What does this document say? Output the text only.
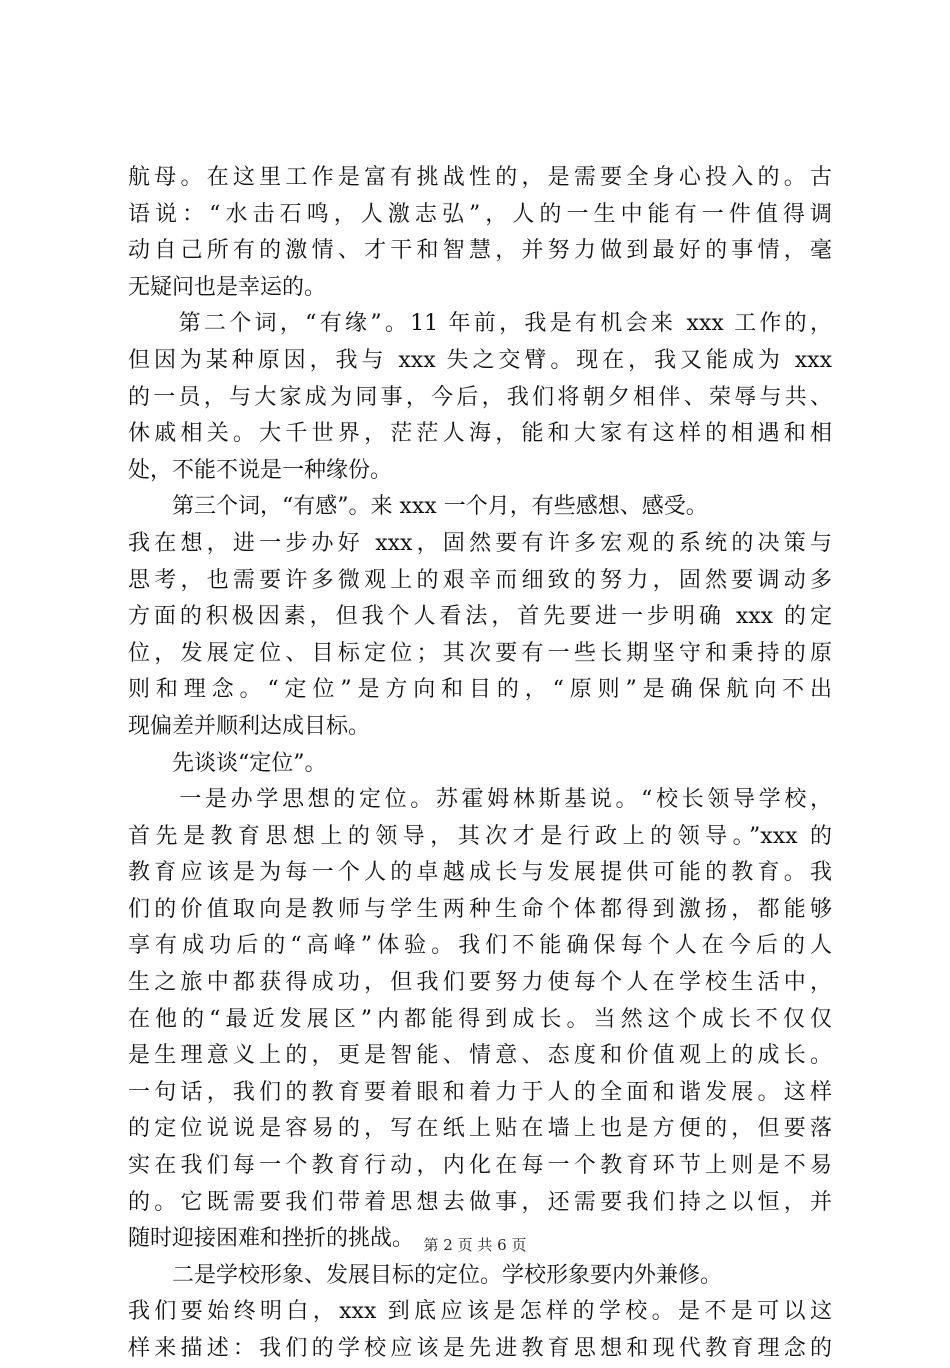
航母。在这里工作是富有挑战性的，是需要全身心投入的。古
语说：“水击石鸣，人激志弘”，人的一生中能有一件值得调
动自己所有的激情、才干和智慧，并努力做到最好的事情，毫
无疑问也是幸运的。
　　第二个词，“有缘”。11 年前，我是有机会来 xxx 工作的，
但因为某种原因，我与 xxx 失之交臂。现在，我又能成为 xxx
的一员，与大家成为同事，今后，我们将朝夕相伴、荣辱与共、
休戚相关。大千世界，茫茫人海，能和大家有这样的相遇和相
处，不能不说是一种缘份。
　　第三个词，“有感”。来 xxx 一个月，有些感想、感受。
我在想，进一步办好 xxx，固然要有许多宏观的系统的决策与
思考，也需要许多微观上的艰辛而细致的努力，固然要调动多
方面的积极因素，但我个人看法，首先要进一步明确 xxx 的定
位，发展定位、目标定位；其次要有一些长期坚守和秉持的原
则和理念。“定位”是方向和目的，“原则”是确保航向不出
现偏差并顺利达成目标。
　　先谈谈“定位”。
　　一是办学思想的定位。苏霍姆林斯基说。“校长领导学校，
首先是教育思想上的领导，其次才是行政上的领导。”xxx 的
教育应该是为每一个人的卓越成长与发展提供可能的教育。我
们的价值取向是教师与学生两种生命个体都得到激扬，都能够
享有成功后的“高峰”体验。我们不能确保每个人在今后的人
生之旅中都获得成功，但我们要努力使每个人在学校生活中，
在他的“最近发展区”内都能得到成长。当然这个成长不仅仅
是生理意义上的，更是智能、情意、态度和价值观上的成长。
一句话，我们的教育要着眼和着力于人的全面和谐发展。这样
的定位说说是容易的，写在纸上贴在墙上也是方便的，但要落
实在我们每一个教育行动，内化在每一个教育环节上则是不易
的。它既需要我们带着思想去做事，还需要我们持之以恒，并
随时迎接困难和挫折的挑战。
　　二是学校形象、发展目标的定位。学校形象要内外兼修。
我们要始终明白，xxx 到底应该是怎样的学校。是不是可以这
样来描述：我们的学校应该是先进教育思想和现代教育理念的
第 2 页 共 6 页
